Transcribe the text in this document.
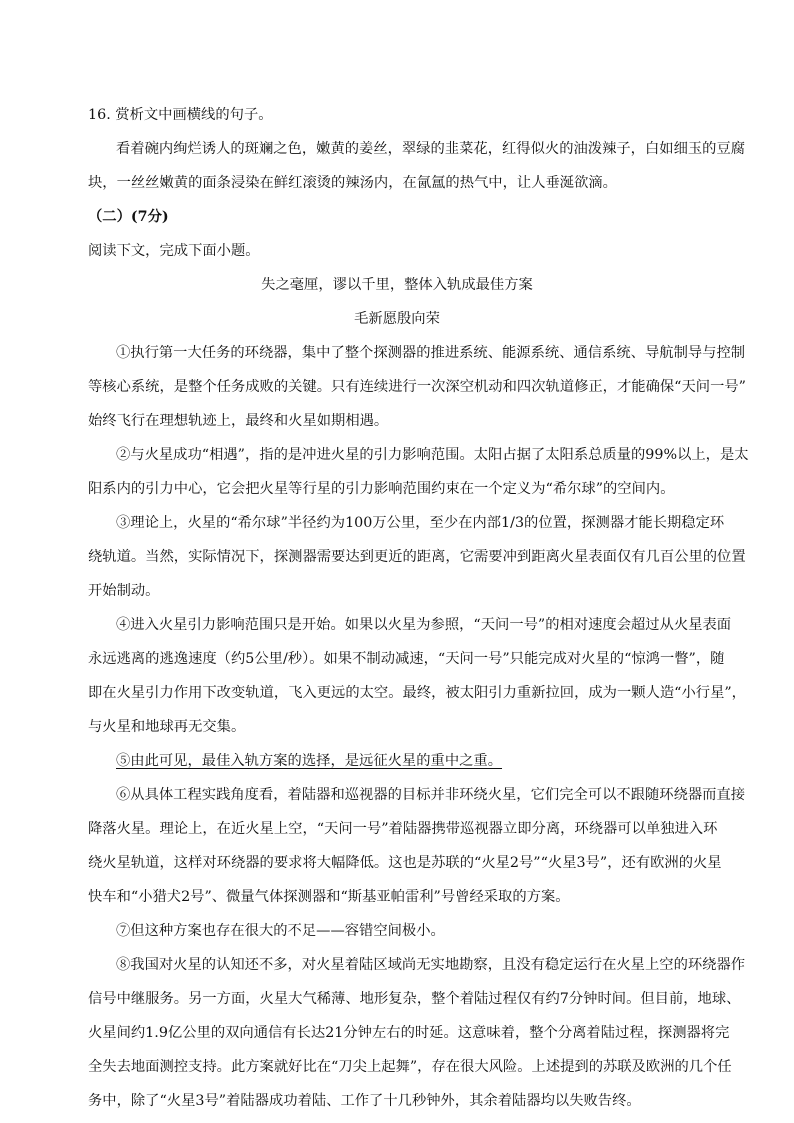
16. 赏析文中画横线的句子。
看着碗内绚烂诱人的斑斓之色，嫩黄的姜丝，翠绿的韭菜花，红得似火的油泼辣子，白如细玉的豆腐
块，一丝丝嫩黄的面条浸染在鲜红滚烫的辣汤内，在氤氲的热气中，让人垂涎欲滴。
（二）(7分)
阅读下文，完成下面小题。
失之毫厘，谬以千里，整体入轨成最佳方案
毛新愿殷向荣
①执行第一大任务的环绕器，集中了整个探测器的推进系统、能源系统、通信系统、导航制导与控制
等核心系统，是整个任务成败的关键。只有连续进行一次深空机动和四次轨道修正，才能确保“天问一号”
始终飞行在理想轨迹上，最终和火星如期相遇。
②与火星成功“相遇”，指的是冲进火星的引力影响范围。太阳占据了太阳系总质量的99%以上，是太
阳系内的引力中心，它会把火星等行星的引力影响范围约束在一个定义为“希尔球”的空间内。
③理论上，火星的“希尔球”半径约为100万公里，至少在内部1/3的位置，探测器才能长期稳定环
绕轨道。当然，实际情况下，探测器需要达到更近的距离，它需要冲到距离火星表面仅有几百公里的位置
开始制动。
④进入火星引力影响范围只是开始。如果以火星为参照，“天问一号”的相对速度会超过从火星表面
永远逃离的逃逸速度（约5公里/秒）。如果不制动减速，“天问一号”只能完成对火星的“惊鸿一瞥”，随
即在火星引力作用下改变轨道，飞入更远的太空。最终，被太阳引力重新拉回，成为一颗人造“小行星”，
与火星和地球再无交集。
⑤由此可见，最佳入轨方案的选择，是远征火星的重中之重。
⑥从具体工程实践角度看，着陆器和巡视器的目标并非环绕火星，它们完全可以不跟随环绕器而直接
降落火星。理论上，在近火星上空，“天问一号”着陆器携带巡视器立即分离，环绕器可以单独进入环
绕火星轨道，这样对环绕器的要求将大幅降低。这也是苏联的“火星2号”“火星3号”，还有欧洲的火星
快车和“小猎犬2号”、微量气体探测器和“斯基亚帕雷利”号曾经采取的方案。
⑦但这种方案也存在很大的不足——容错空间极小。
⑧我国对火星的认知还不多，对火星着陆区域尚无实地勘察，且没有稳定运行在火星上空的环绕器作
信号中继服务。另一方面，火星大气稀薄、地形复杂，整个着陆过程仅有约7分钟时间。但目前，地球、
火星间约1.9亿公里的双向通信有长达21分钟左右的时延。这意味着，整个分离着陆过程，探测器将完
全失去地面测控支持。此方案就好比在“刀尖上起舞”，存在很大风险。上述提到的苏联及欧洲的几个任
务中，除了“火星3号”着陆器成功着陆、工作了十几秒钟外，其余着陆器均以失败告终。
